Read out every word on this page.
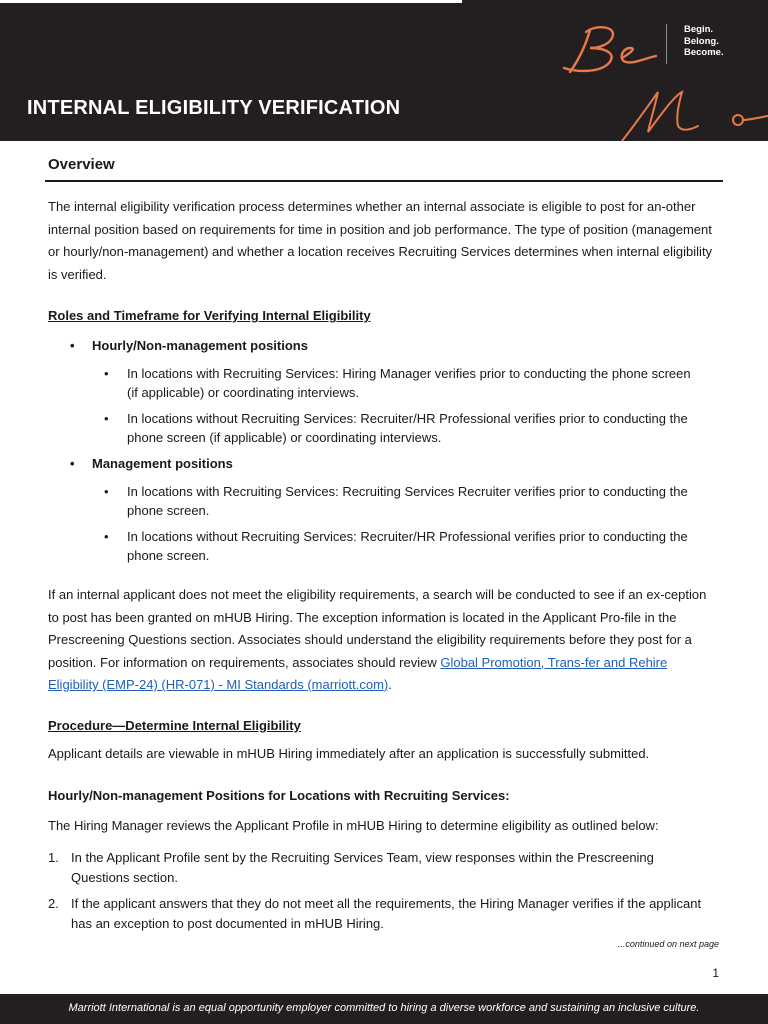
INTERNAL ELIGIBILITY VERIFICATION
Begin.
Belong.
Become.
Overview

The internal eligibility verification process determines whether an internal associate is eligible to post for an-other internal position based on requirements for time in position and job performance. The type of position (management or hourly/non-management) and whether a location receives Recruiting Services determines when internal eligibility is verified.

Roles and Timeframe for Verifying Internal Eligibility
• Hourly/Non-management positions
• In locations with Recruiting Services: Hiring Manager verifies prior to conducting the phone screen (if applicable) or coordinating interviews.
• In locations without Recruiting Services: Recruiter/HR Professional verifies prior to conducting the phone screen (if applicable) or coordinating interviews.
• Management positions
• In locations with Recruiting Services: Recruiting Services Recruiter verifies prior to conducting the phone screen.
• In locations without Recruiting Services: Recruiter/HR Professional verifies prior to conducting the phone screen.

If an internal applicant does not meet the eligibility requirements, a search will be conducted to see if an ex-ception to post has been granted on mHUB Hiring. The exception information is located in the Applicant Pro-file in the Prescreening Questions section. Associates should understand the eligibility requirements before they post for a position. For information on requirements, associates should review Global Promotion, Trans-fer and Rehire Eligibility (EMP-24) (HR-071) - MI Standards (marriott.com).

Procedure—Determine Internal Eligibility
Applicant details are viewable in mHUB Hiring immediately after an application is successfully submitted.
Hourly/Non-management Positions for Locations with Recruiting Services:
The Hiring Manager reviews the Applicant Profile in mHUB Hiring to determine eligibility as outlined below:
1. In the Applicant Profile sent by the Recruiting Services Team, view responses within the Prescreening Questions section.
2. If the applicant answers that they do not meet all the requirements, the Hiring Manager verifies if the applicant has an exception to post documented in mHUB Hiring.
...continued on next page
1
Marriott International is an equal opportunity employer committed to hiring a diverse workforce and sustaining an inclusive culture.
